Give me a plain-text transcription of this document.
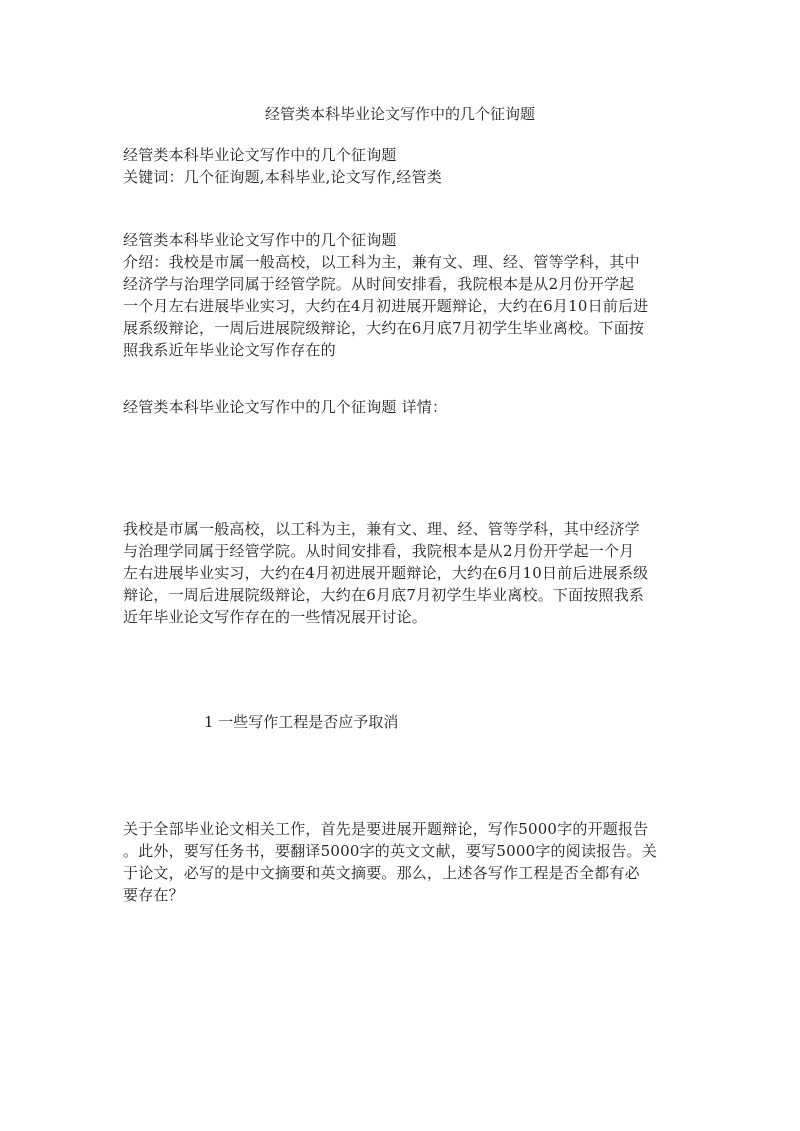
经管类本科毕业论文写作中的几个征询题
经管类本科毕业论文写作中的几个征询题
关键词：几个征询题,本科毕业,论文写作,经管类
经管类本科毕业论文写作中的几个征询题
介绍：我校是市属一般高校，以工科为主，兼有文、理、经、管等学科，其中
经济学与治理学同属于经管学院。从时间安排看，我院根本是从2月份开学起
一个月左右进展毕业实习，大约在4月初进展开题辩论，大约在6月10日前后进
展系级辩论，一周后进展院级辩论，大约在6月底7月初学生毕业离校。下面按
照我系近年毕业论文写作存在的
经管类本科毕业论文写作中的几个征询题 详情：
我校是市属一般高校，以工科为主，兼有文、理、经、管等学科，其中经济学
与治理学同属于经管学院。从时间安排看，我院根本是从2月份开学起一个月
左右进展毕业实习，大约在4月初进展开题辩论，大约在6月10日前后进展系级
辩论，一周后进展院级辩论，大约在6月底7月初学生毕业离校。下面按照我系
近年毕业论文写作存在的一些情况展开讨论。
1 一些写作工程是否应予取消
关于全部毕业论文相关工作，首先是要进展开题辩论，写作5000字的开题报告
。此外，要写任务书，要翻译5000字的英文文献，要写5000字的阅读报告。关
于论文，必写的是中文摘要和英文摘要。那么，上述各写作工程是否全都有必
要存在？
